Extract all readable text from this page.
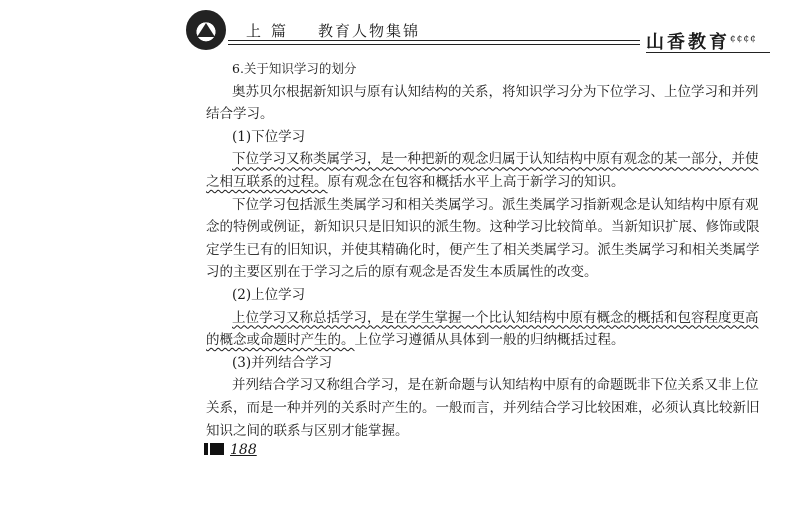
上篇 教育人物集锦
山香教育 ¢¢¢¢

6.关于知识学习的划分

奥苏贝尔根据新知识与原有认知结构的关系，将知识学习分为下位学习、上位学习和并列结合学习。

(1)下位学习

下位学习又称类属学习，是一种把新的观念归属于认知结构中原有观念的某一部分，并使之相互联系的过程。原有观念在包容和概括水平上高于新学习的知识。

下位学习包括派生类属学习和相关类属学习。派生类属学习指新观念是认知结构中原有观念的特例或例证，新知识只是旧知识的派生物。这种学习比较简单。当新知识扩展、修饰或限定学生已有的旧知识，并使其精确化时，便产生了相关类属学习。派生类属学习和相关类属学习的主要区别在于学习之后的原有观念是否发生本质属性的改变。

(2)上位学习

上位学习又称总括学习，是在学生掌握一个比认知结构中原有概念的概括和包容程度更高的概念或命题时产生的。上位学习遵循从具体到一般的归纳概括过程。

(3)并列结合学习

并列结合学习又称组合学习，是在新命题与认知结构中原有的命题既非下位关系又非上位关系，而是一种并列的关系时产生的。一般而言，并列结合学习比较困难，必须认真比较新旧知识之间的联系与区别才能掌握。

188
